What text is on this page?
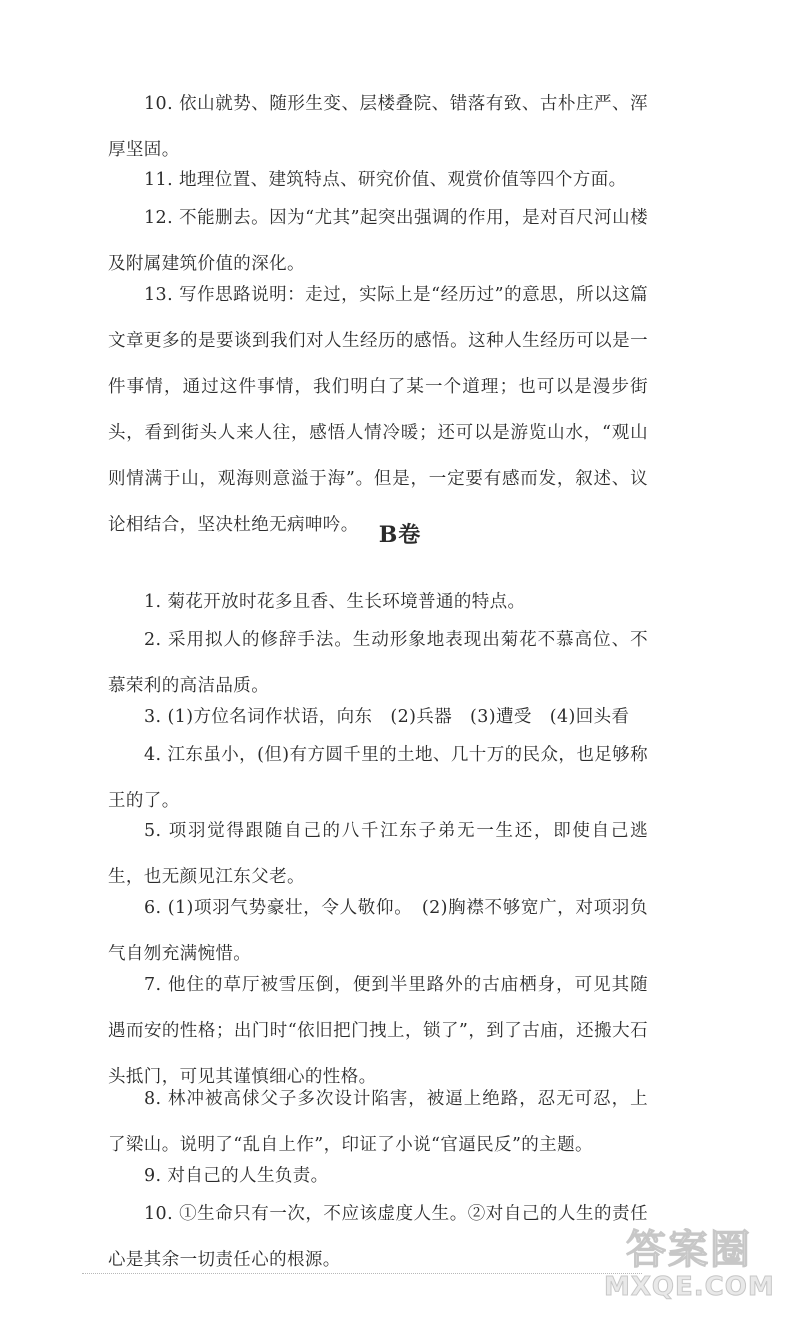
10. 依山就势、随形生变、层楼叠院、错落有致、古朴庄严、浑厚坚固。

11. 地理位置、建筑特点、研究价值、观赏价值等四个方面。

12. 不能删去。因为“尤其”起突出强调的作用，是对百尺河山楼及附属建筑价值的深化。

13. 写作思路说明：走过，实际上是“经历过”的意思，所以这篇文章更多的是要谈到我们对人生经历的感悟。这种人生经历可以是一件事情，通过这件事情，我们明白了某一个道理；也可以是漫步街头，看到街头人来人往，感悟人情冷暖；还可以是游览山水，“观山则情满于山，观海则意溢于海”。但是，一定要有感而发，叙述、议论相结合，坚决杜绝无病呻吟。 B卷

1. 菊花开放时花多且香、生长环境普通的特点。

2. 采用拟人的修辞手法。生动形象地表现出菊花不慕高位、不慕荣利的高洁品质。

3. (1)方位名词作状语，向东　(2)兵器　(3)遭受　(4)回头看

4. 江东虽小，(但)有方圆千里的土地、几十万的民众，也足够称王的了。

5. 项羽觉得跟随自己的八千江东子弟无一生还，即使自己逃生，也无颜见江东父老。

6. (1)项羽气势豪壮，令人敬仰。　(2)胸襟不够宽广，对项羽负气自刎充满惋惜。

7. 他住的草厅被雪压倒，便到半里路外的古庙栖身，可见其随遇而安的性格；出门时“依旧把门拽上，锁了”，到了古庙，还搬大石头抵门，可见其谨慎细心的性格。

8. 林冲被高俅父子多次设计陷害，被逼上绝路，忍无可忍，上了梁山。说明了“乱自上作”，印证了小说“官逼民反”的主题。

9. 对自己的人生负责。

10. ①生命只有一次，不应该虚度人生。②对自己的人生的责任心是其余一切责任心的根源。	答案圈
MXQE.COM
